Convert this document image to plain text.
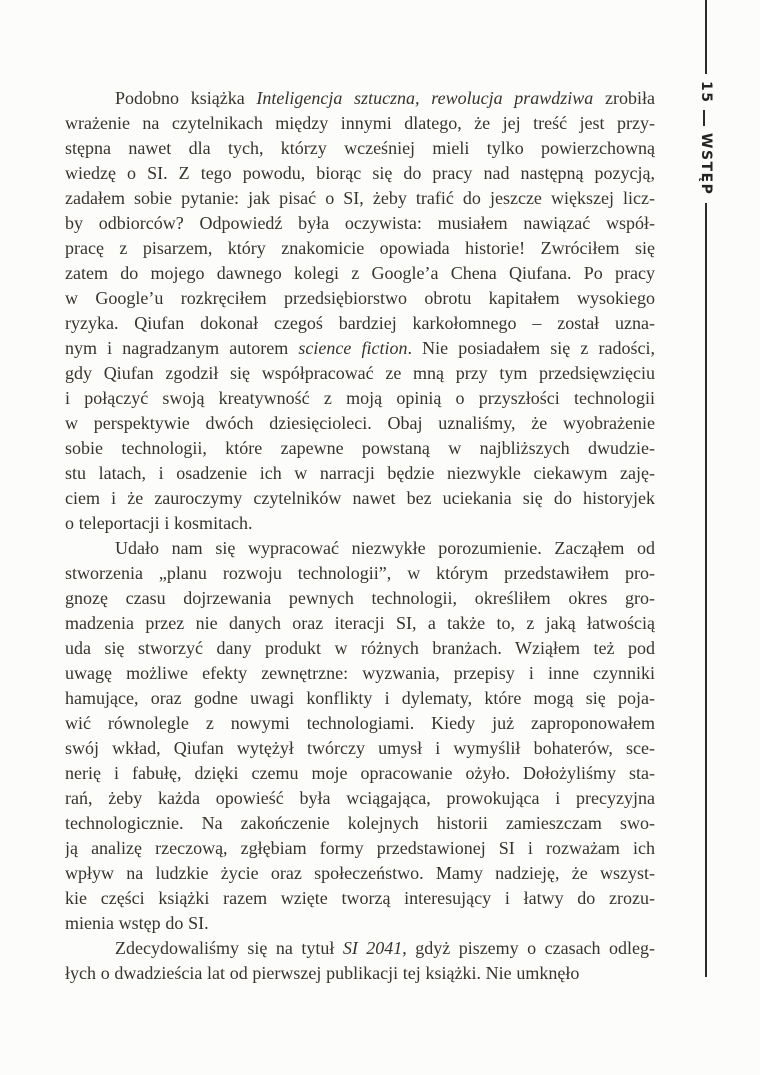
Podobno książka Inteligencja sztuczna, rewolucja prawdziwa zrobiła
wrażenie na czytelnikach między innymi dlatego, że jej treść jest przy-
stępna nawet dla tych, którzy wcześniej mieli tylko powierzchowną
wiedzę o SI. Z tego powodu, biorąc się do pracy nad następną pozycją,
zadałem sobie pytanie: jak pisać o SI, żeby trafić do jeszcze większej licz-
by odbiorców? Odpowiedź była oczywista: musiałem nawiązać współ-
pracę z pisarzem, który znakomicie opowiada historie! Zwróciłem się
zatem do mojego dawnego kolegi z Google’a Chena Qiufana. Po pracy
w Google’u rozkręciłem przedsiębiorstwo obrotu kapitałem wysokiego
ryzyka. Qiufan dokonał czegoś bardziej karkołomnego – został uzna-
nym i nagradzanym autorem science fiction. Nie posiadałem się z radości,
gdy Qiufan zgodził się współpracować ze mną przy tym przedsięwzięciu
i połączyć swoją kreatywność z moją opinią o przyszłości technologii
w perspektywie dwóch dziesięcioleci. Obaj uznaliśmy, że wyobrażenie
sobie technologii, które zapewne powstaną w najbliższych dwudzie-
stu latach, i osadzenie ich w narracji będzie niezwykle ciekawym zaję-
ciem i że zauroczymy czytelników nawet bez uciekania się do historyjek
o teleportacji i kosmitach.
Udało nam się wypracować niezwykłe porozumienie. Zacząłem od
stworzenia „planu rozwoju technologii”, w którym przedstawiłem pro-
gnozę czasu dojrzewania pewnych technologii, określiłem okres gro-
madzenia przez nie danych oraz iteracji SI, a także to, z jaką łatwością
uda się stworzyć dany produkt w różnych branżach. Wziąłem też pod
uwagę możliwe efekty zewnętrzne: wyzwania, przepisy i inne czynniki
hamujące, oraz godne uwagi konflikty i dylematy, które mogą się poja-
wić równolegle z nowymi technologiami. Kiedy już zaproponowałem
swój wkład, Qiufan wytężył twórczy umysł i wymyślił bohaterów, sce-
nerię i fabułę, dzięki czemu moje opracowanie ożyło. Dołożyliśmy sta-
rań, żeby każda opowieść była wciągająca, prowokująca i precyzyjna
technologicznie. Na zakończenie kolejnych historii zamieszczam swo-
ją analizę rzeczową, zgłębiam formy przedstawionej SI i rozważam ich
wpływ na ludzkie życie oraz społeczeństwo. Mamy nadzieję, że wszyst-
kie części książki razem wzięte tworzą interesujący i łatwy do zrozu-
mienia wstęp do SI.
Zdecydowaliśmy się na tytuł SI 2041, gdyż piszemy o czasach odleg-
łych o dwadzieścia lat od pierwszej publikacji tej książki. Nie umknęło
15
WSTĘP
